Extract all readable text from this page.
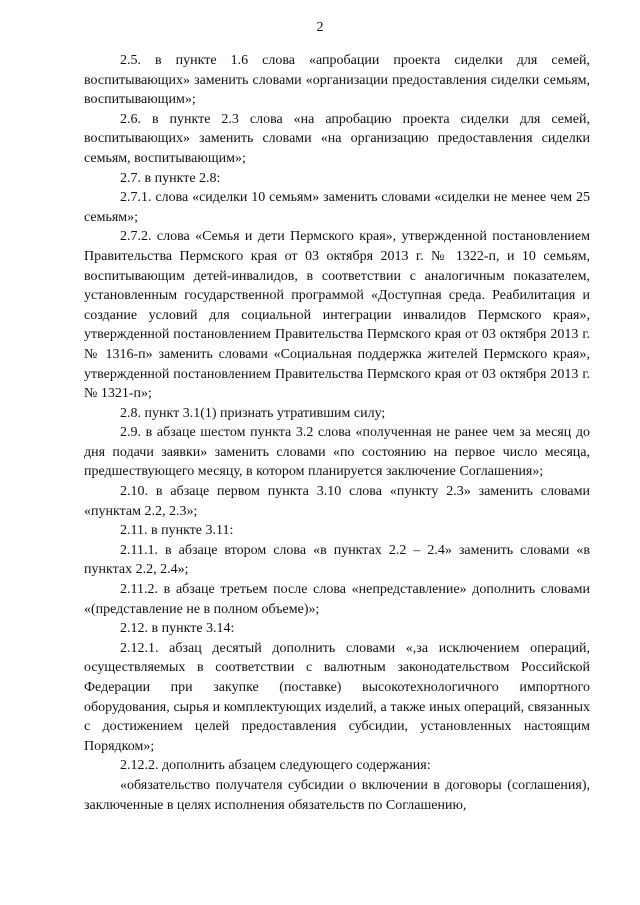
2

2.5. в пункте 1.6 слова «апробации проекта сиделки для семей, воспитывающих» заменить словами «организации предоставления сиделки семьям, воспитывающим»;

2.6. в пункте 2.3 слова «на апробацию проекта сиделки для семей, воспитывающих» заменить словами «на организацию предоставления сиделки семьям, воспитывающим»;

2.7. в пункте 2.8:

2.7.1. слова «сиделки 10 семьям» заменить словами «сиделки не менее чем 25 семьям»;

2.7.2. слова «Семья и дети Пермского края», утвержденной постановлением Правительства Пермского края от 03 октября 2013 г. № 1322-п, и 10 семьям, воспитывающим детей-инвалидов, в соответствии с аналогичным показателем, установленным государственной программой «Доступная среда. Реабилитация и создание условий для социальной интеграции инвалидов Пермского края», утвержденной постановлением Правительства Пермского края от 03 октября 2013 г. № 1316-п» заменить словами «Социальная поддержка жителей Пермского края», утвержденной постановлением Правительства Пермского края от 03 октября 2013 г. № 1321-п»;

2.8. пункт 3.1(1) признать утратившим силу;

2.9. в абзаце шестом пункта 3.2 слова «полученная не ранее чем за месяц до дня подачи заявки» заменить словами «по состоянию на первое число месяца, предшествующего месяцу, в котором планируется заключение Соглашения»;

2.10. в абзаце первом пункта 3.10 слова «пункту 2.3» заменить словами «пунктам 2.2, 2.3»;

2.11. в пункте 3.11:

2.11.1. в абзаце втором слова «в пунктах 2.2 – 2.4» заменить словами «в пунктах 2.2, 2.4»;

2.11.2. в абзаце третьем после слова «непредставление» дополнить словами «(представление не в полном объеме)»;

2.12. в пункте 3.14:

2.12.1. абзац десятый дополнить словами «,за исключением операций, осуществляемых в соответствии с валютным законодательством Российской Федерации при закупке (поставке) высокотехнологичного импортного оборудования, сырья и комплектующих изделий, а также иных операций, связанных с достижением целей предоставления субсидии, установленных настоящим Порядком»;

2.12.2. дополнить абзацем следующего содержания:

«обязательство получателя субсидии о включении в договоры (соглашения), заключенные в целях исполнения обязательств по Соглашению,
